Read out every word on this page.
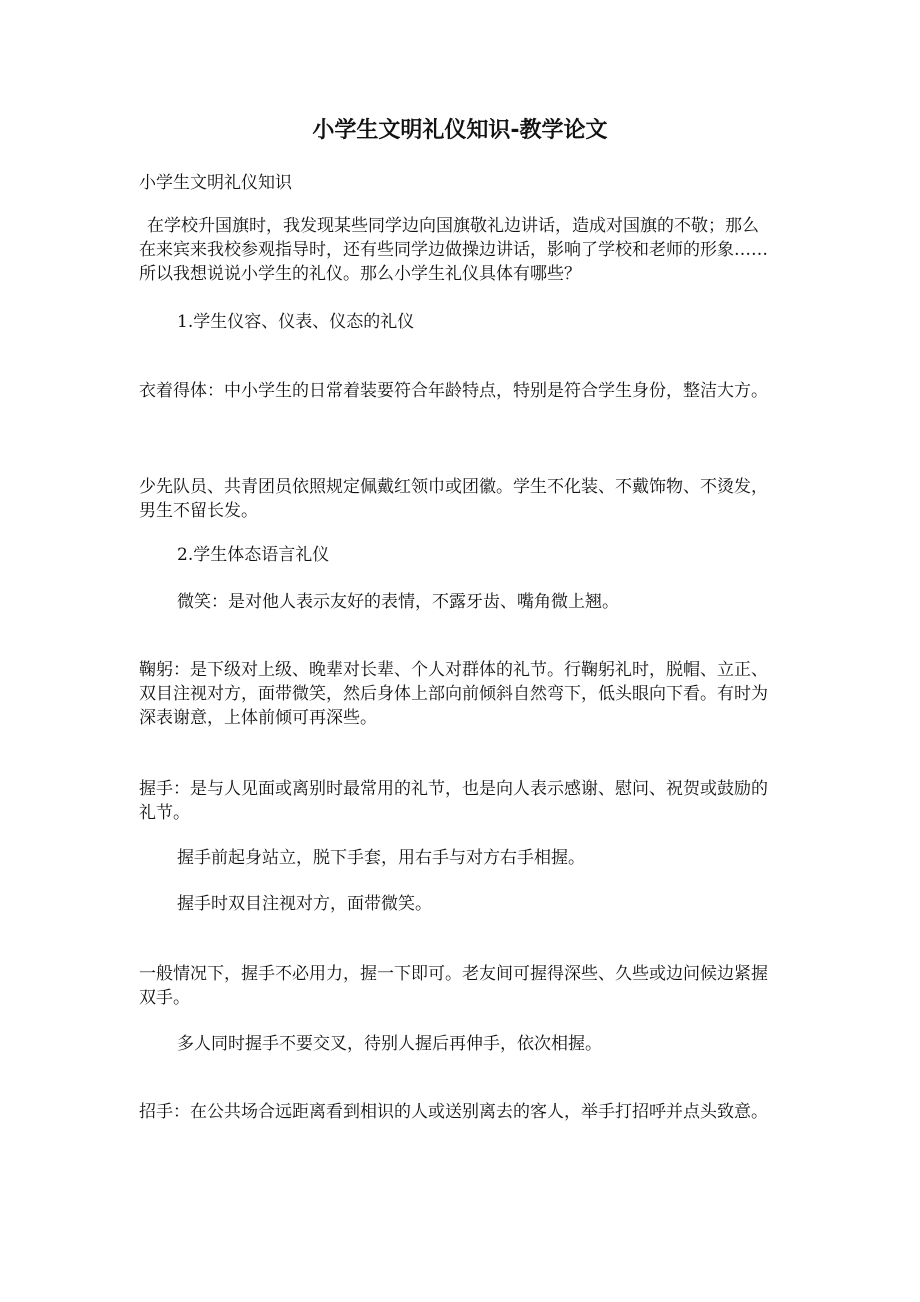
小学生文明礼仪知识-教学论文

小学生文明礼仪知识

在学校升国旗时，我发现某些同学边向国旗敬礼边讲话，造成对国旗的不敬；那么在来宾来我校参观指导时，还有些同学边做操边讲话，影响了学校和老师的形象……所以我想说说小学生的礼仪。那么小学生礼仪具体有哪些？

1.学生仪容、仪表、仪态的礼仪

衣着得体：中小学生的日常着装要符合年龄特点，特别是符合学生身份，整洁大方。

少先队员、共青团员依照规定佩戴红领巾或团徽。学生不化装、不戴饰物、不烫发，男生不留长发。

2.学生体态语言礼仪

微笑：是对他人表示友好的表情，不露牙齿、嘴角微上翘。

鞠躬：是下级对上级、晚辈对长辈、个人对群体的礼节。行鞠躬礼时，脱帽、立正、双目注视对方，面带微笑，然后身体上部向前倾斜自然弯下，低头眼向下看。有时为深表谢意，上体前倾可再深些。

握手：是与人见面或离别时最常用的礼节，也是向人表示感谢、慰问、祝贺或鼓励的礼节。

握手前起身站立，脱下手套，用右手与对方右手相握。

握手时双目注视对方，面带微笑。

一般情况下，握手不必用力，握一下即可。老友间可握得深些、久些或边问候边紧握双手。

多人同时握手不要交叉，待别人握后再伸手，依次相握。

招手：在公共场合远距离看到相识的人或送别离去的客人，举手打招呼并点头致意。
